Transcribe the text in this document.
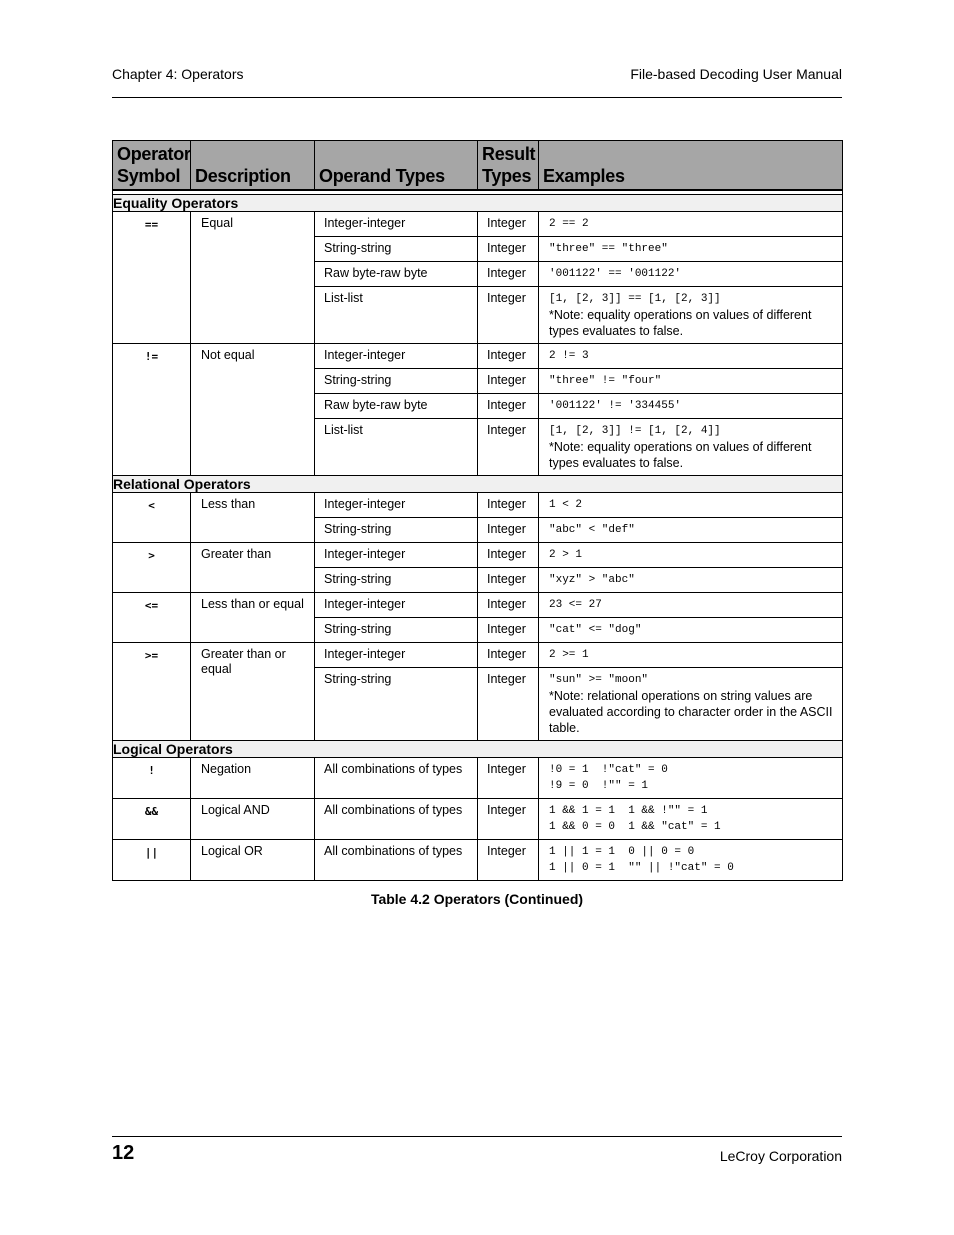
Chapter 4: Operators	File-based Decoding User Manual
Operator
Symbol	Description	Operand Types	Result
Types	Examples

Equality Operators				
==	Equal	Integer-integer	Integer	2 == 2

		String-string	Integer	"three" == "three"

		Raw byte-raw byte	Integer	'001122' == '001122'

		List-list	Integer	[1, [2, 3]] == [1, [2, 3]]
*Note: equality operations on values of different types evaluates to false.

!=	Not equal	Integer-integer	Integer	2 != 3

		String-string	Integer	"three" != "four"

		Raw byte-raw byte	Integer	'001122' != '334455'

		List-list	Integer	[1, [2, 3]] != [1, [2, 4]]
*Note: equality operations on values of different types evaluates to false.

Relational Operators				
<	Less than	Integer-integer	Integer	1 < 2

		String-string	Integer	"abc" < "def"

>	Greater than	Integer-integer	Integer	2 > 1

		String-string	Integer	"xyz" > "abc"

<=	Less than or equal	Integer-integer	Integer	23 <= 27

		String-string	Integer	"cat" <= "dog"

>=	Greater than or equal	Integer-integer	Integer	2 >= 1

		String-string	Integer	"sun" >= "moon"
*Note: relational operations on string values are evaluated according to character order in the ASCII table.

Logical Operators				
!	Negation	All combinations of types	Integer	!0 = 1  !"cat" = 0
!9 = 0  !"" = 1

&&	Logical AND	All combinations of types	Integer	1 && 1 = 1  1 && !"" = 1
1 && 0 = 0  1 && "cat" = 1

||	Logical OR	All combinations of types	Integer	1 || 1 = 1  0 || 0 = 0
1 || 0 = 1  "" || !"cat" = 0
Table 4.2 Operators (Continued)
12	LeCroy Corporation
